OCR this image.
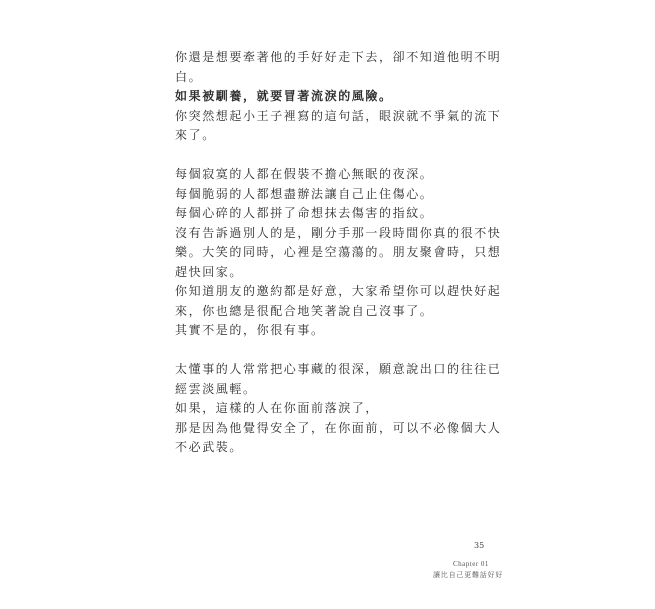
你還是想要牽著他的手好好走下去，卻不知道他明不明
白。
如果被馴養，就要冒著流淚的風險。
你突然想起小王子裡寫的這句話，眼淚就不爭氣的流下
來了。
每個寂寞的人都在假裝不擔心無眠的夜深。
每個脆弱的人都想盡辦法讓自己止住傷心。
每個心碎的人都拼了命想抹去傷害的指紋。
沒有告訴過別人的是，剛分手那一段時間你真的很不快
樂。大笑的同時，心裡是空蕩蕩的。朋友聚會時，只想
趕快回家。
你知道朋友的邀約都是好意，大家希望你可以趕快好起
來，你也總是很配合地笑著說自己沒事了。
其實不是的，你很有事。
太懂事的人常常把心事藏的很深，願意說出口的往往已
經雲淡風輕。
如果，這樣的人在你面前落淚了，
那是因為他覺得安全了，在你面前，可以不必像個大人
不必武裝。
35
Chapter 01
讓比自己更難話好好
